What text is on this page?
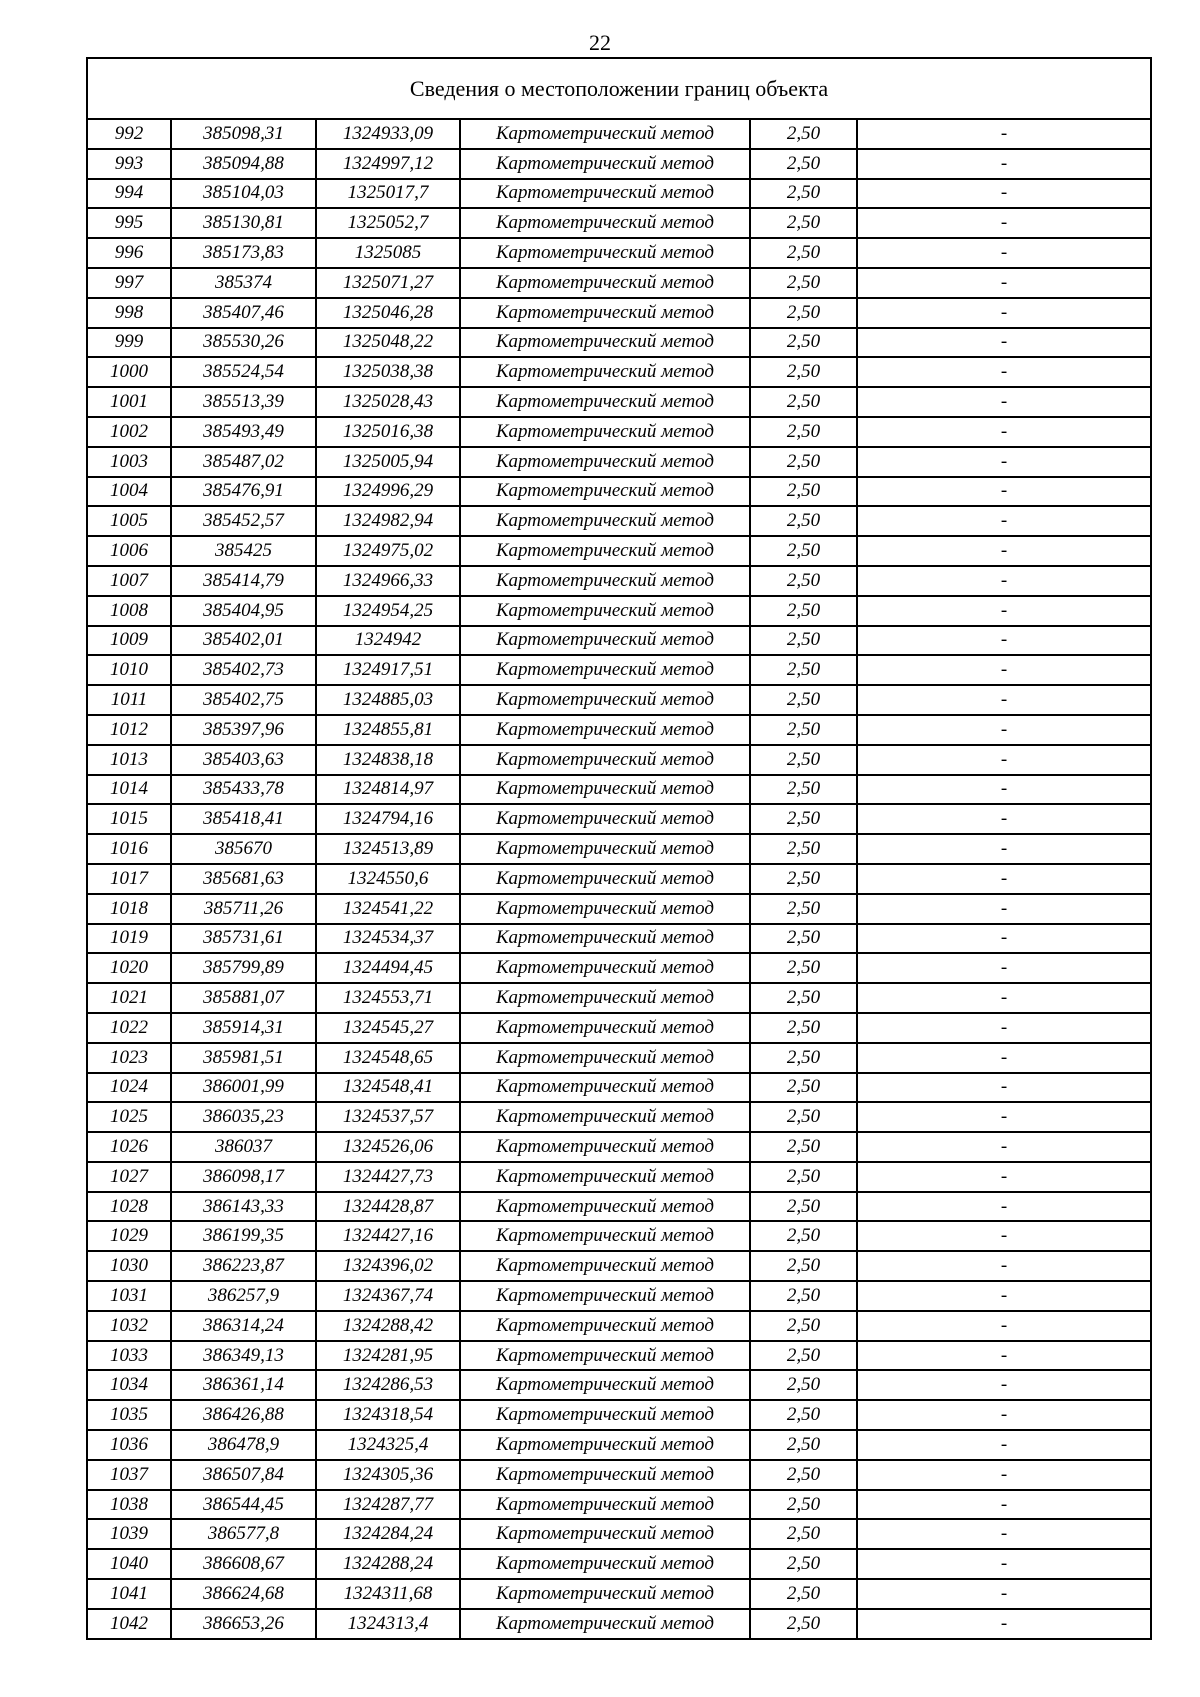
22
Сведения о местоположении границ объекта					
992	385098,31	1324933,09	Картометрический метод	2,50	-
993	385094,88	1324997,12	Картометрический метод	2,50	-
994	385104,03	1325017,7	Картометрический метод	2,50	-
995	385130,81	1325052,7	Картометрический метод	2,50	-
996	385173,83	1325085	Картометрический метод	2,50	-
997	385374	1325071,27	Картометрический метод	2,50	-
998	385407,46	1325046,28	Картометрический метод	2,50	-
999	385530,26	1325048,22	Картометрический метод	2,50	-
1000	385524,54	1325038,38	Картометрический метод	2,50	-
1001	385513,39	1325028,43	Картометрический метод	2,50	-
1002	385493,49	1325016,38	Картометрический метод	2,50	-
1003	385487,02	1325005,94	Картометрический метод	2,50	-
1004	385476,91	1324996,29	Картометрический метод	2,50	-
1005	385452,57	1324982,94	Картометрический метод	2,50	-
1006	385425	1324975,02	Картометрический метод	2,50	-
1007	385414,79	1324966,33	Картометрический метод	2,50	-
1008	385404,95	1324954,25	Картометрический метод	2,50	-
1009	385402,01	1324942	Картометрический метод	2,50	-
1010	385402,73	1324917,51	Картометрический метод	2,50	-
1011	385402,75	1324885,03	Картометрический метод	2,50	-
1012	385397,96	1324855,81	Картометрический метод	2,50	-
1013	385403,63	1324838,18	Картометрический метод	2,50	-
1014	385433,78	1324814,97	Картометрический метод	2,50	-
1015	385418,41	1324794,16	Картометрический метод	2,50	-
1016	385670	1324513,89	Картометрический метод	2,50	-
1017	385681,63	1324550,6	Картометрический метод	2,50	-
1018	385711,26	1324541,22	Картометрический метод	2,50	-
1019	385731,61	1324534,37	Картометрический метод	2,50	-
1020	385799,89	1324494,45	Картометрический метод	2,50	-
1021	385881,07	1324553,71	Картометрический метод	2,50	-
1022	385914,31	1324545,27	Картометрический метод	2,50	-
1023	385981,51	1324548,65	Картометрический метод	2,50	-
1024	386001,99	1324548,41	Картометрический метод	2,50	-
1025	386035,23	1324537,57	Картометрический метод	2,50	-
1026	386037	1324526,06	Картометрический метод	2,50	-
1027	386098,17	1324427,73	Картометрический метод	2,50	-
1028	386143,33	1324428,87	Картометрический метод	2,50	-
1029	386199,35	1324427,16	Картометрический метод	2,50	-
1030	386223,87	1324396,02	Картометрический метод	2,50	-
1031	386257,9	1324367,74	Картометрический метод	2,50	-
1032	386314,24	1324288,42	Картометрический метод	2,50	-
1033	386349,13	1324281,95	Картометрический метод	2,50	-
1034	386361,14	1324286,53	Картометрический метод	2,50	-
1035	386426,88	1324318,54	Картометрический метод	2,50	-
1036	386478,9	1324325,4	Картометрический метод	2,50	-
1037	386507,84	1324305,36	Картометрический метод	2,50	-
1038	386544,45	1324287,77	Картометрический метод	2,50	-
1039	386577,8	1324284,24	Картометрический метод	2,50	-
1040	386608,67	1324288,24	Картометрический метод	2,50	-
1041	386624,68	1324311,68	Картометрический метод	2,50	-
1042	386653,26	1324313,4	Картометрический метод	2,50	-
